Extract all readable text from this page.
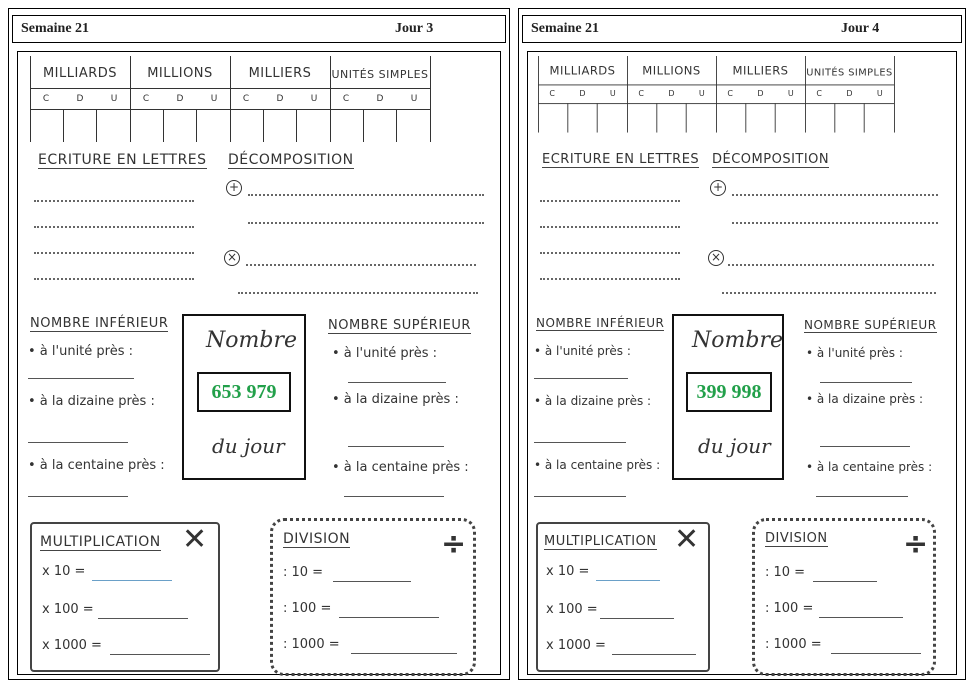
Semaine 21	Jour 3
MILLIARDS	MILLIONS	MILLIERS	UNITÉS SIMPLES
C	D	U	C	D	U	C	D	U	C	D	U
ECRITURE EN LETTRES DÉCOMPOSITION
+
×
NOMBRE INFÉRIEUR
• à l'unité près :
• à la dizaine près :
• à la centaine près :
Nombre
653 979
du jour
NOMBRE SUPÉRIEUR
• à l'unité près :
• à la dizaine près :
• à la centaine près :
MULTIPLICATION ✕
x 10 =
x 100 =
x 1000 =
DIVISION	÷
: 10 =
: 100 =
: 1000 =
Semaine 21	Jour 4
MILLIARDS	MILLIONS	MILLIERS	UNITÉS SIMPLES
C	D	U	C	D	U	C	D	U	C	D	U
ECRITURE EN LETTRES DÉCOMPOSITION
+
×
NOMBRE INFÉRIEUR
• à l'unité près :
• à la dizaine près :
• à la centaine près :
Nombre
399 998
du jour
NOMBRE SUPÉRIEUR
• à l'unité près :
• à la dizaine près :
• à la centaine près :
MULTIPLICATION ✕
x 10 =
x 100 =
x 1000 =
DIVISION	÷
: 10 =
: 100 =
: 1000 =
